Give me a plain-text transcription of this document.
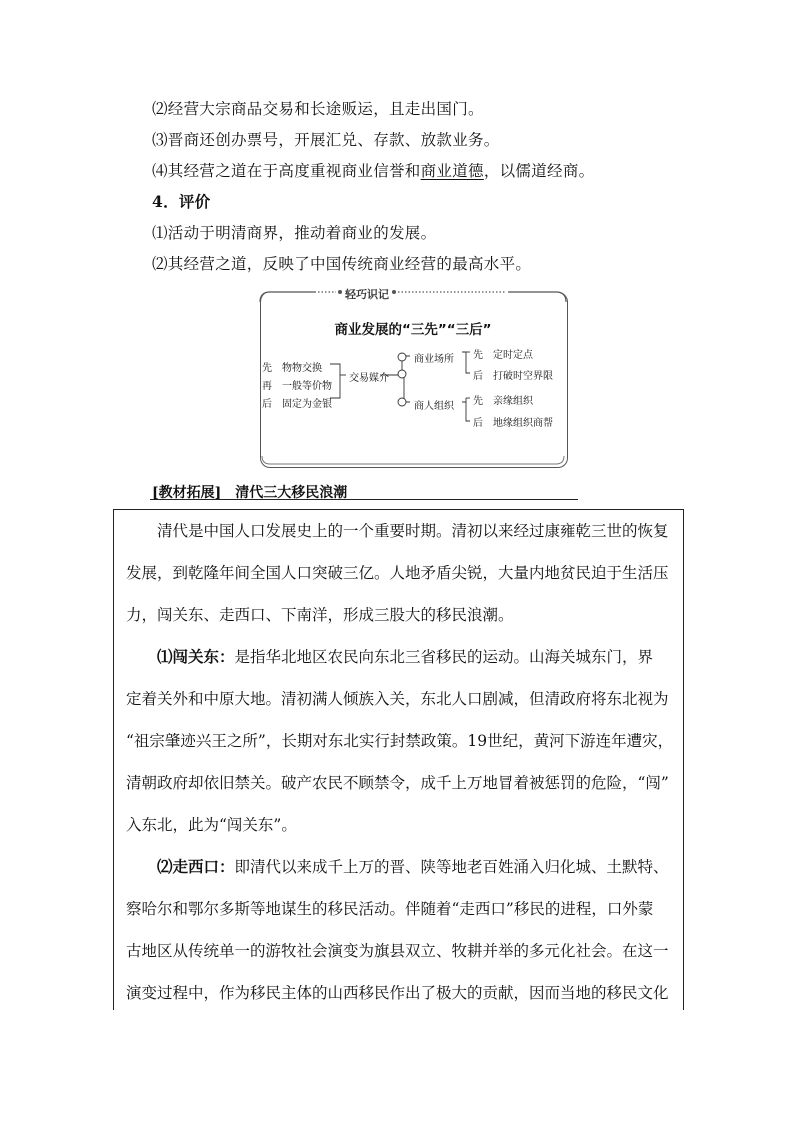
⑵经营大宗商品交易和长途贩运，且走出国门。
⑶晋商还创办票号，开展汇兑、存款、放款业务。
⑷其经营之道在于高度重视商业信誉和商业道德，以儒道经商。
4．评价
⑴活动于明清商界，推动着商业的发展。
⑵其经营之道，反映了中国传统商业经营的最高水平。
轻巧识记
商业发展的“三先”“三后”
先　 物物交换
再　 一般等价物
后　 固定为金银
交易媒介
商业场所
商人组织
先　 定时定点
后　 打破时空界限
先　 亲缘组织
后　 地缘组织商帮
[教材拓展]　 清代三大移民浪潮
　　清代是中国人口发展史上的一个重要时期。清初以来经过康雍乾三世的恢复
发展，到乾隆年间全国人口突破三亿。人地矛盾尖锐，大量内地贫民迫于生活压
力，闯关东、走西口、下南洋，形成三股大的移民浪潮。
　　⑴闯关东：是指华北地区农民向东北三省移民的运动。山海关城东门，界
定着关外和中原大地。清初满人倾族入关，东北人口剧减，但清政府将东北视为
“祖宗肇迹兴王之所”，长期对东北实行封禁政策。19世纪，黄河下游连年遭灾，
清朝政府却依旧禁关。破产农民不顾禁令，成千上万地冒着被惩罚的危险，“闯”
入东北，此为“闯关东”。
　　⑵走西口：即清代以来成千上万的晋、陕等地老百姓涌入归化城、土默特、
察哈尔和鄂尔多斯等地谋生的移民活动。伴随着“走西口”移民的进程，口外蒙
古地区从传统单一的游牧社会演变为旗县双立、牧耕并举的多元化社会。在这一
演变过程中，作为移民主体的山西移民作出了极大的贡献，因而当地的移民文化
